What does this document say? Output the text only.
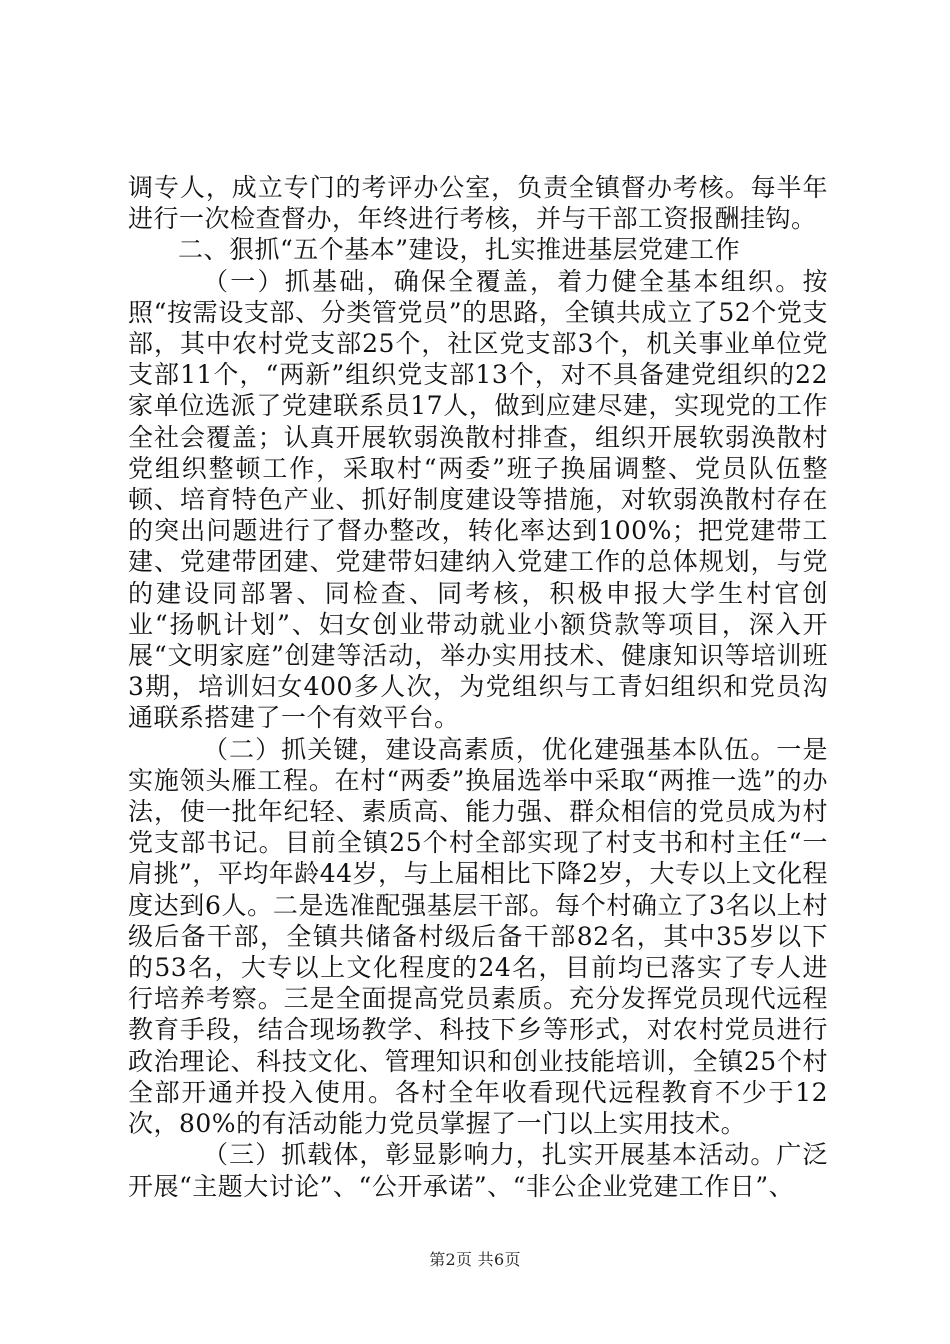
调专人，成立专门的考评办公室，负责全镇督办考核。每半年进行一次检查督办，年终进行考核，并与干部工资报酬挂钩。

二、狠抓“五个基本”建设，扎实推进基层党建工作

（一）抓基础，确保全覆盖，着力健全基本组织。按照“按需设支部、分类管党员”的思路，全镇共成立了52个党支部，其中农村党支部25个，社区党支部3个，机关事业单位党支部11个，“两新”组织党支部13个，对不具备建党组织的22家单位选派了党建联系员17人，做到应建尽建，实现党的工作全社会覆盖；认真开展软弱涣散村排查，组织开展软弱涣散村党组织整顿工作，采取村“两委”班子换届调整、党员队伍整顿、培育特色产业、抓好制度建设等措施，对软弱涣散村存在的突出问题进行了督办整改，转化率达到100%；把党建带工建、党建带团建、党建带妇建纳入党建工作的总体规划，与党的建设同部署、同检查、同考核，积极申报大学生村官创业“扬帆计划”、妇女创业带动就业小额贷款等项目，深入开展“文明家庭”创建等活动，举办实用技术、健康知识等培训班3期，培训妇女400多人次，为党组织与工青妇组织和党员沟通联系搭建了一个有效平台。

（二）抓关键，建设高素质，优化建强基本队伍。一是实施领头雁工程。在村“两委”换届选举中采取“两推一选”的办法，使一批年纪轻、素质高、能力强、群众相信的党员成为村党支部书记。目前全镇25个村全部实现了村支书和村主任“一肩挑”，平均年龄44岁，与上届相比下降2岁，大专以上文化程度达到6人。二是选准配强基层干部。每个村确立了3名以上村级后备干部，全镇共储备村级后备干部82名，其中35岁以下的53名，大专以上文化程度的24名，目前均已落实了专人进行培养考察。三是全面提高党员素质。充分发挥党员现代远程教育手段，结合现场教学、科技下乡等形式，对农村党员进行政治理论、科技文化、管理知识和创业技能培训，全镇25个村全部开通并投入使用。各村全年收看现代远程教育不少于12次，80%的有活动能力党员掌握了一门以上实用技术。

（三）抓载体，彰显影响力，扎实开展基本活动。广泛开展“主题大讨论”、“公开承诺”、“非公企业党建工作日”、

第2页 共6页
